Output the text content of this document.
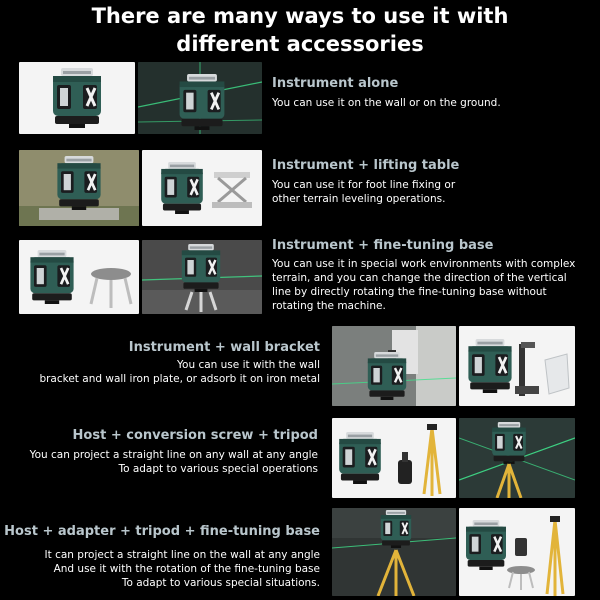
There are many ways to use it with
different accessories
Instrument alone
You can use it on the wall or on the ground.
Instrument + lifting table
You can use it for foot line fixing or
other terrain leveling operations.
Instrument + fine-tuning base
You can use it in special work environments with complex
terrain, and you can change the direction of the vertical
line by directly rotating the fine-tuning base without
rotating the machine.
Instrument + wall bracket
You can use it with the wall
bracket and wall iron plate, or adsorb it on iron metal
Host + conversion screw + tripod
You can project a straight line on any wall at any angle
To adapt to various special operations
Host + adapter + tripod + fine-tuning base
It can project a straight line on the wall at any angle
And use it with the rotation of the fine-tuning base
To adapt to various special situations.
